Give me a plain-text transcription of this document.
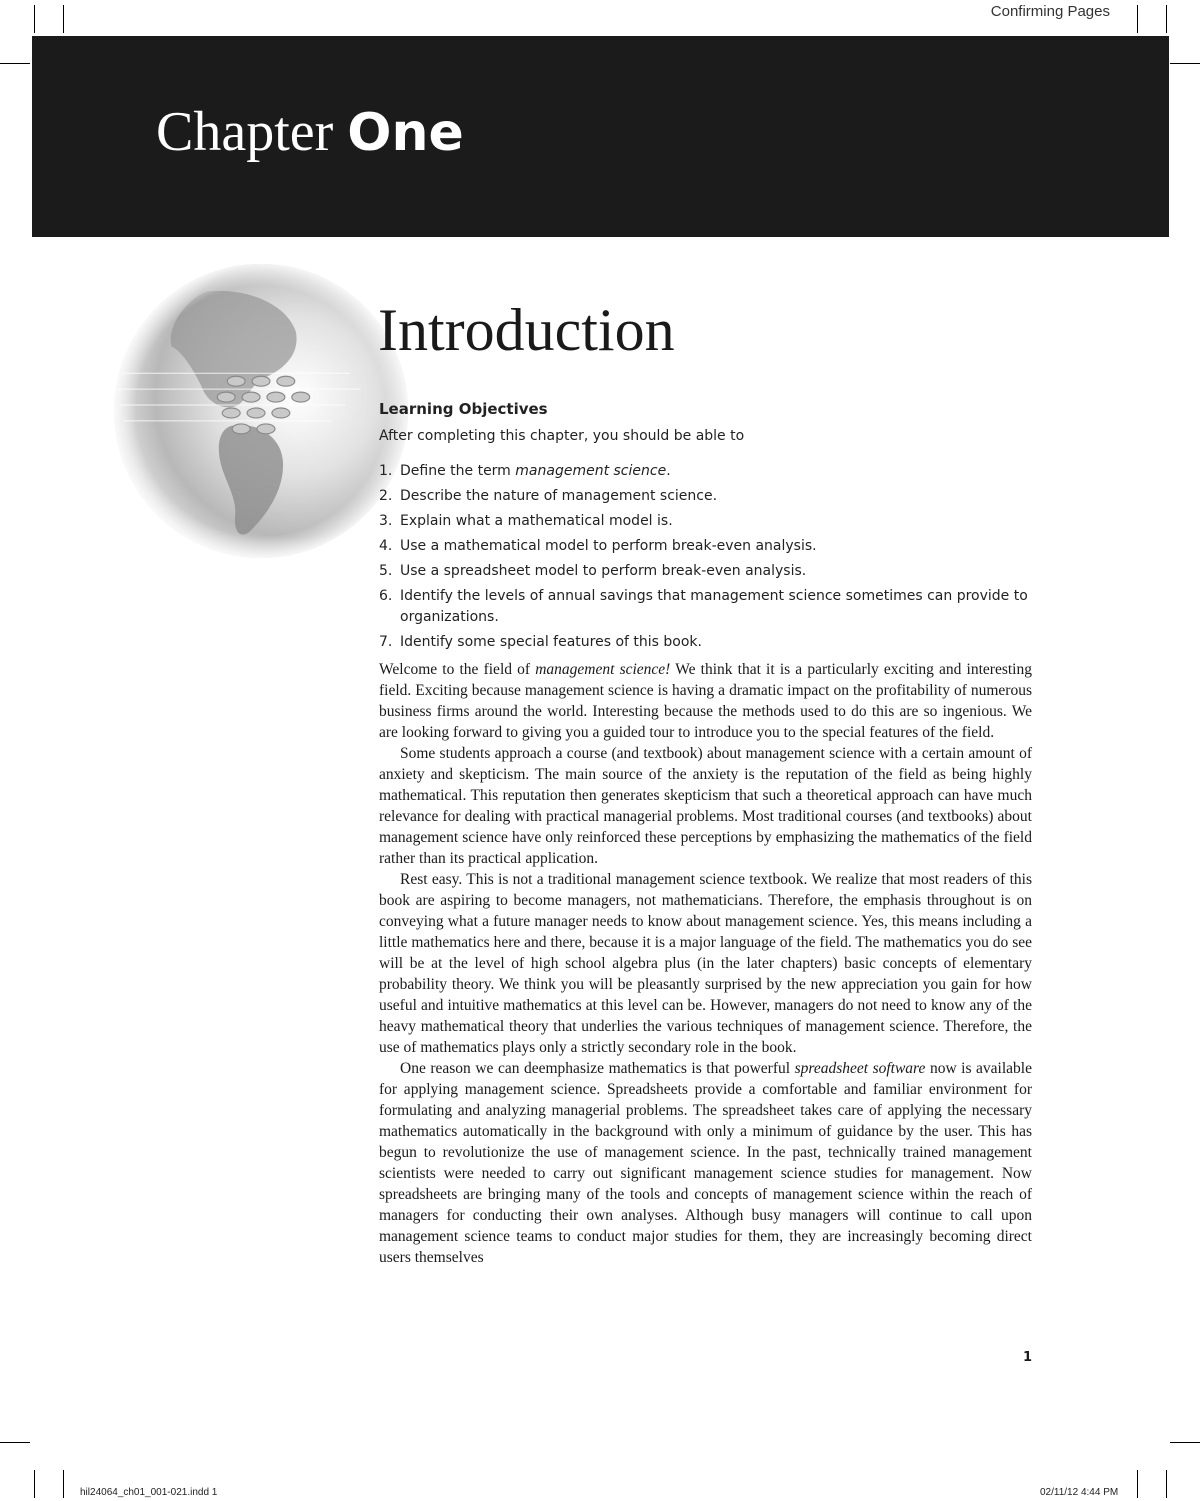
Confirming Pages
Chapter One
Introduction
Learning Objectives
After completing this chapter, you should be able to
1. Define the term management science.
2. Describe the nature of management science.
3. Explain what a mathematical model is.
4. Use a mathematical model to perform break-even analysis.
5. Use a spreadsheet model to perform break-even analysis.
6. Identify the levels of annual savings that management science sometimes can provide to organizations.
7. Identify some special features of this book.

Welcome to the field of management science! We think that it is a particularly exciting and interesting field. Exciting because management science is having a dramatic impact on the profitability of numerous business firms around the world. Interesting because the methods used to do this are so ingenious. We are looking forward to giving you a guided tour to introduce you to the special features of the field.

Some students approach a course (and textbook) about management science with a certain amount of anxiety and skepticism. The main source of the anxiety is the reputation of the field as being highly mathematical. This reputation then generates skepticism that such a theoretical approach can have much relevance for dealing with practical managerial problems. Most traditional courses (and textbooks) about management science have only reinforced these perceptions by emphasizing the mathematics of the field rather than its practical application.

Rest easy. This is not a traditional management science textbook. We realize that most readers of this book are aspiring to become managers, not mathematicians. Therefore, the emphasis throughout is on conveying what a future manager needs to know about management science. Yes, this means including a little mathematics here and there, because it is a major language of the field. The mathematics you do see will be at the level of high school algebra plus (in the later chapters) basic concepts of elementary probability theory. We think you will be pleasantly surprised by the new appreciation you gain for how useful and intuitive mathematics at this level can be. However, managers do not need to know any of the heavy mathematical theory that underlies the various techniques of management science. Therefore, the use of mathematics plays only a strictly secondary role in the book.

One reason we can deemphasize mathematics is that powerful spreadsheet software now is available for applying management science. Spreadsheets provide a comfortable and familiar environment for formulating and analyzing managerial problems. The spreadsheet takes care of applying the necessary mathematics automatically in the background with only a minimum of guidance by the user. This has begun to revolutionize the use of management science. In the past, technically trained management scientists were needed to carry out significant management science studies for management. Now spreadsheets are bringing many of the tools and concepts of management science within the reach of managers for conducting their own analyses. Although busy managers will continue to call upon management science teams to conduct major studies for them, they are increasingly becoming direct users themselves

1
hil24064_ch01_001-021.indd 1	02/11/12 4:44 PM
